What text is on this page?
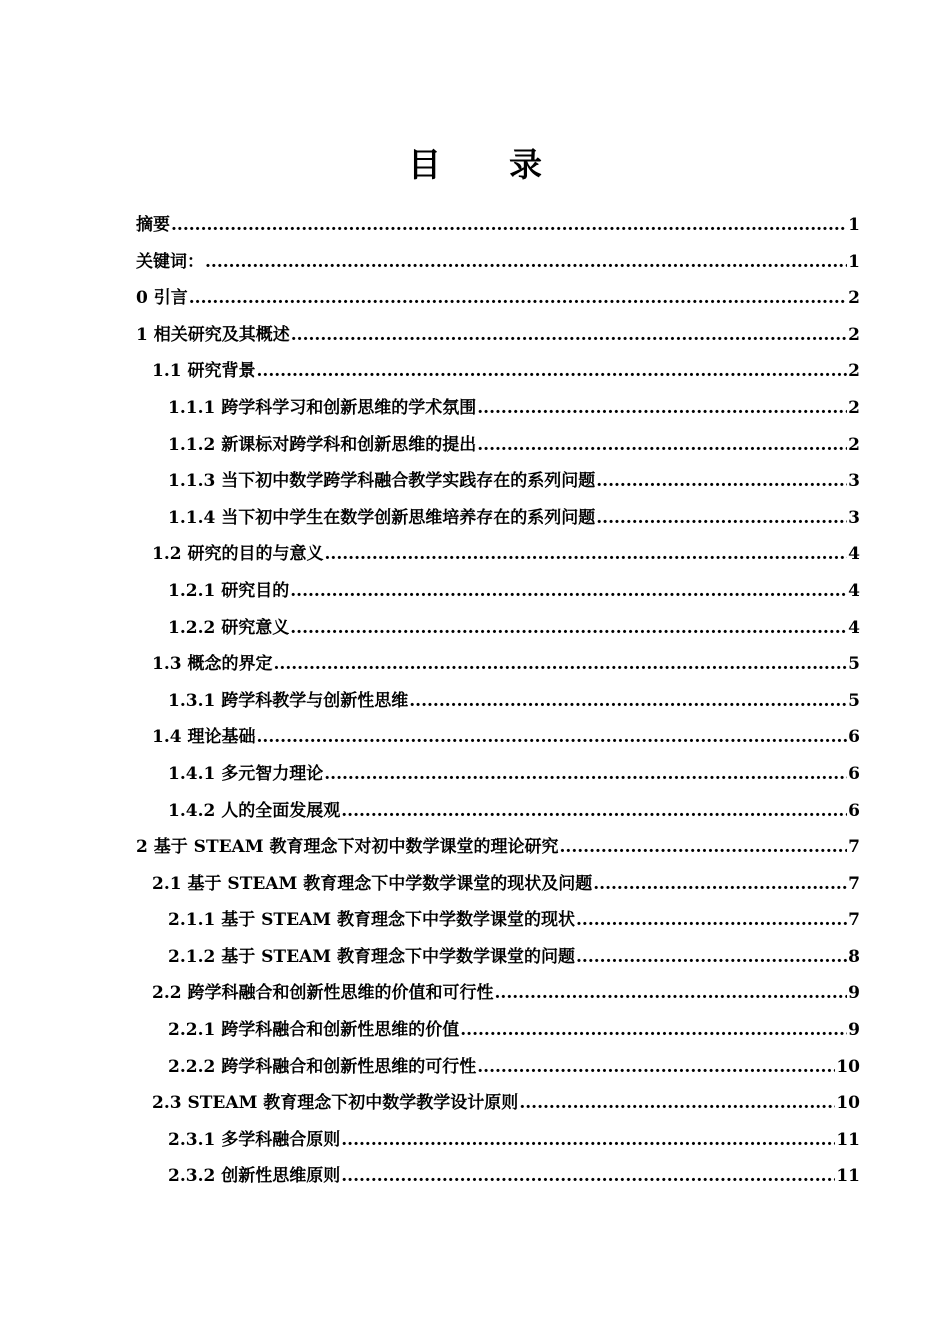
目 录
摘要 .....	1
关键词： .....	1
0 引言 .....	2
1 相关研究及其概述 .....	2
1.1 研究背景 .....	2
1.1.1 跨学科学习和创新思维的学术氛围 .....	2
1.1.2 新课标对跨学科和创新思维的提出 .....	2
1.1.3 当下初中数学跨学科融合教学实践存在的系列问题 .....	3
1.1.4 当下初中学生在数学创新思维培养存在的系列问题 .....	3
1.2 研究的目的与意义 .....	4
1.2.1 研究目的 .....	4
1.2.2 研究意义 .....	4
1.3 概念的界定 .....	5
1.3.1 跨学科教学与创新性思维 .....	5
1.4 理论基础 .....	6
1.4.1 多元智力理论 .....	6
1.4.2 人的全面发展观 .....	6
2 基于 STEAM 教育理念下对初中数学课堂的理论研究 .....	7
2.1 基于 STEAM 教育理念下中学数学课堂的现状及问题 .....	7
2.1.1 基于 STEAM 教育理念下中学数学课堂的现状 .....	7
2.1.2 基于 STEAM 教育理念下中学数学课堂的问题 .....	8
2.2 跨学科融合和创新性思维的价值和可行性 .....	9
2.2.1 跨学科融合和创新性思维的价值 .....	9
2.2.2 跨学科融合和创新性思维的可行性 .....	10
2.3 STEAM 教育理念下初中数学教学设计原则 .....	10
2.3.1 多学科融合原则 .....	11
2.3.2 创新性思维原则 .....	11
